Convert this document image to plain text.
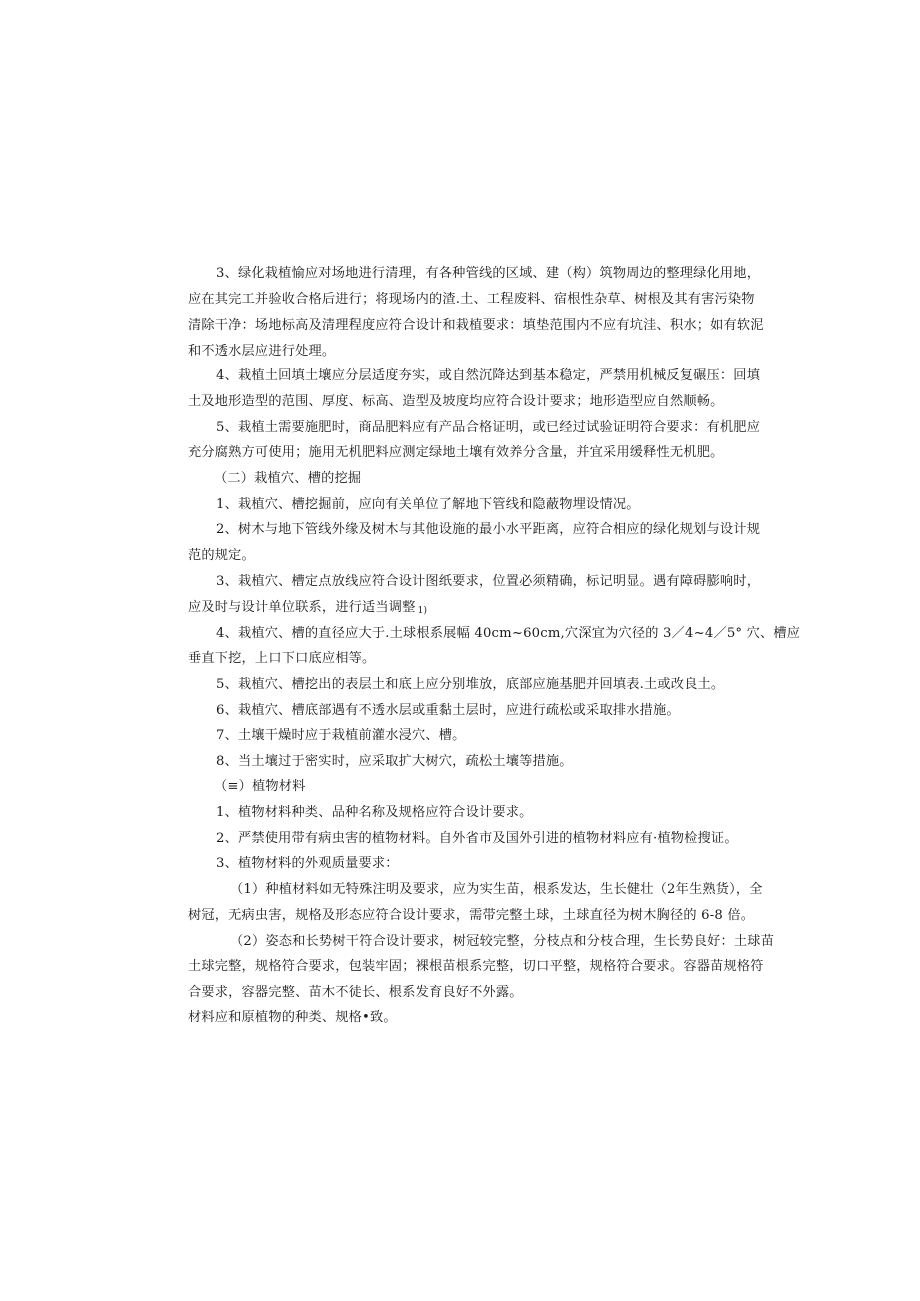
3、绿化栽植愉应对场地进行清理，有各种管线的区域、建（构）筑物周边的整理绿化用地，
应在其完工并验收合格后进行；将现场内的渣.土、工程废料、宿根性杂草、树根及其有害污染物
清除干净：场地标高及清理程度应符合设计和栽植要求：填垫范围内不应有坑洼、积水；如有软泥
和不透水层应进行处理。
4、栽植土回填土壤应分层适度夯实，或自然沉降达到基本稳定，严禁用机械反复碾压：回填
土及地形造型的范围、厚度、标高、造型及坡度均应符合设计要求；地形造型应自然顺畅。
5、栽植土需要施肥时，商品肥料应有产品合格证明，或已经过试验证明符合要求：有机肥应
充分腐熟方可使用；施用无机肥料应测定绿地土壤有效养分含量，并宜采用缓释性无机肥。
（二）栽植穴、槽的挖掘
1、栽植穴、槽挖掘前，应向有关单位了解地下管线和隐蔽物埋设情况。
2、树木与地下管线外缘及树木与其他设施的最小水平距离，应符合相应的绿化规划与设计规
范的规定。
3、栽植穴、槽定点放线应符合设计图纸要求，位置必须精确，标记明显。遇有障碍膨响时，
应及时与设计单位联系，进行适当调整 $_{1)}$
4、栽植穴、槽的直径应大于.土球根系展幅 40cm~60cm,穴深宜为穴径的 3／4~4／5° 穴、槽应
垂直下挖，上口下口底应相等。
5、栽植穴、槽挖出的表层土和底上应分别堆放，底部应施基肥并回填表.土或改良土。
6、栽植穴、槽底部遇有不透水层或重黏土层时，应进行疏松或采取排水措施。
7、土壤干燥时应于栽植前灌水浸穴、槽。
8、当土壤过于密实时，应采取扩大树穴，疏松土壤等措施。
（≡）植物材料
1、植物材料种类、品种名称及规格应符合设计要求。
2、严禁使用带有病虫害的植物材料。自外省市及国外引进的植物材料应有·植物检搜证。
3、植物材料的外观质量要求：
（1）种植材料如无特殊注明及要求，应为实生苗，根系发达，生长健壮（2年生熟货），全
树冠，无病虫害，规格及形态应符合设计要求，需带完整土球，土球直径为树木胸径的 6-8 倍。
（2）姿态和长势树干符合设计要求，树冠较完整，分枝点和分枝合理，生长势良好：土球苗
土球完整，规格符合要求，包装牢固；裸根苗根系完整，切口平整，规格符合要求。容器苗规格符
合要求，容器完整、苗木不徒长、根系发育良好不外露。
材料应和原植物的种类、规格•致。
